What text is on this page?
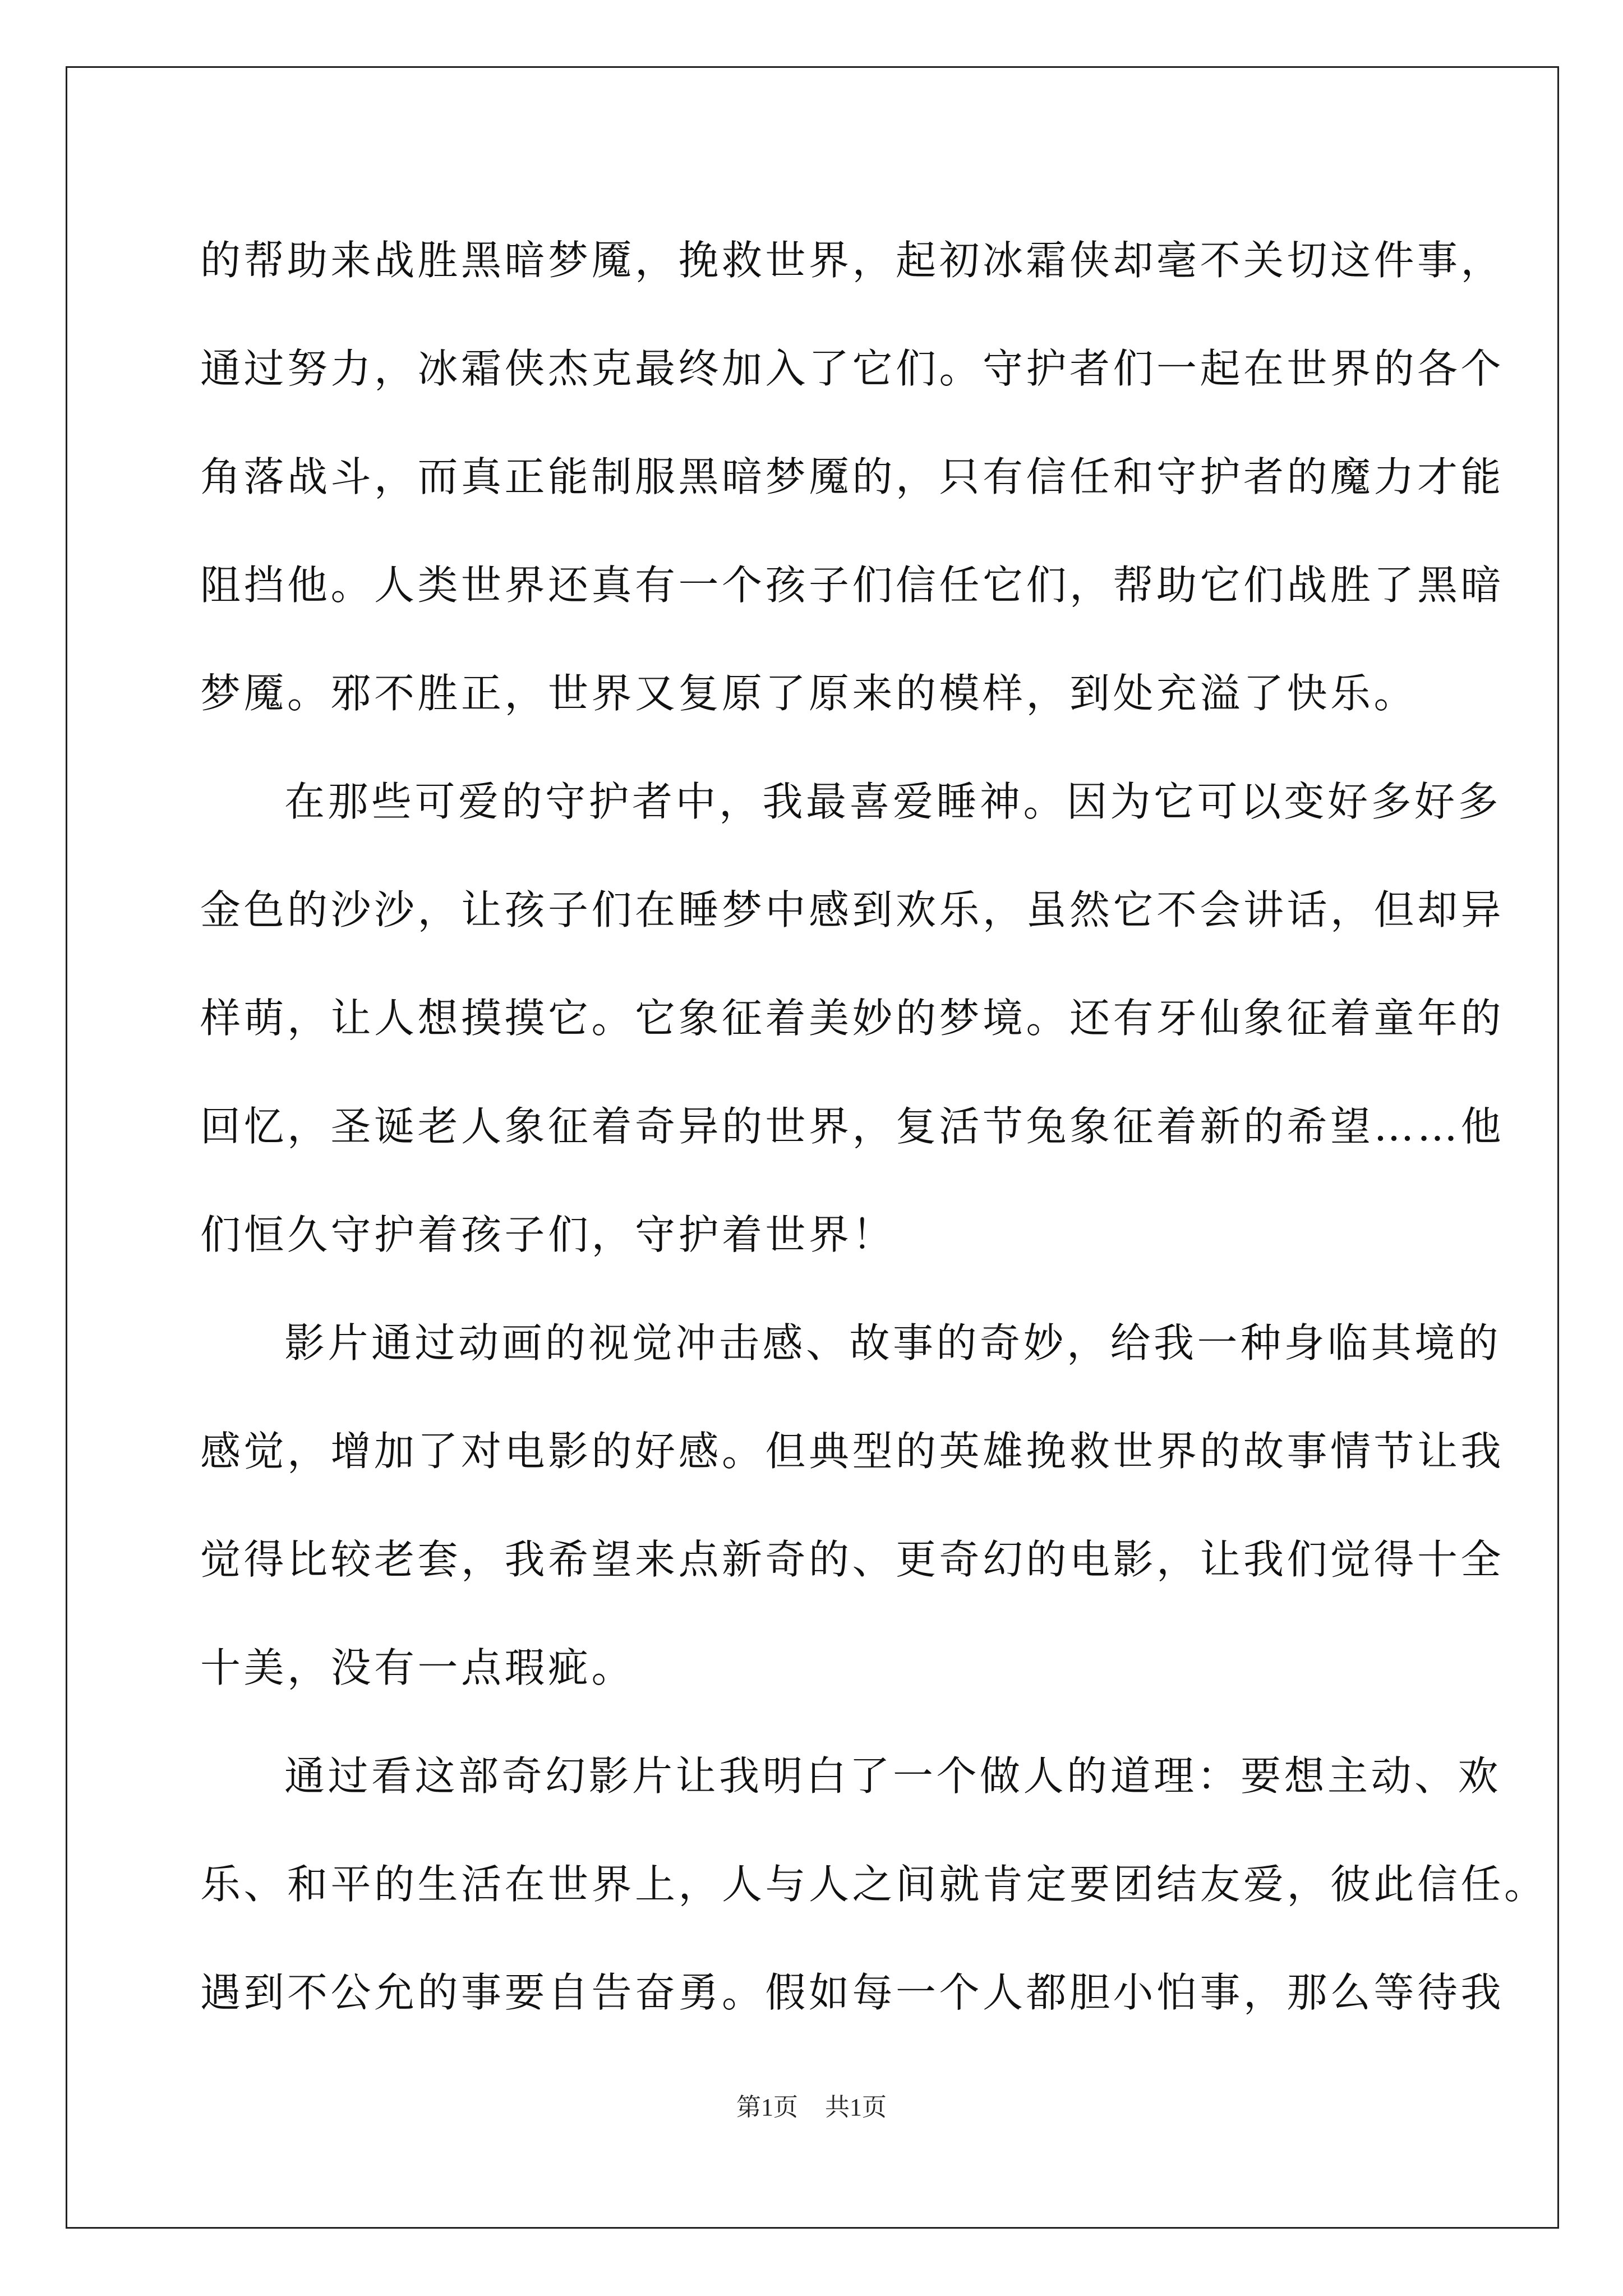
的帮助来战胜黑暗梦魇，挽救世界，起初冰霜侠却毫不关切这件事，
通过努力，冰霜侠杰克最终加入了它们。守护者们一起在世界的各个
角落战斗，而真正能制服黑暗梦魇的，只有信任和守护者的魔力才能
阻挡他。人类世界还真有一个孩子们信任它们，帮助它们战胜了黑暗
梦魇。邪不胜正，世界又复原了原来的模样，到处充溢了快乐。
在那些可爱的守护者中，我最喜爱睡神。因为它可以变好多好多
金色的沙沙，让孩子们在睡梦中感到欢乐，虽然它不会讲话，但却异
样萌，让人想摸摸它。它象征着美妙的梦境。还有牙仙象征着童年的
回忆，圣诞老人象征着奇异的世界，复活节兔象征着新的希望……他
们恒久守护着孩子们，守护着世界！
影片通过动画的视觉冲击感、故事的奇妙，给我一种身临其境的
感觉，增加了对电影的好感。但典型的英雄挽救世界的故事情节让我
觉得比较老套，我希望来点新奇的、更奇幻的电影，让我们觉得十全
十美，没有一点瑕疵。
通过看这部奇幻影片让我明白了一个做人的道理：要想主动、欢
乐、和平的生活在世界上，人与人之间就肯定要团结友爱，彼此信任。
遇到不公允的事要自告奋勇。假如每一个人都胆小怕事，那么等待我
第1页 共1页
